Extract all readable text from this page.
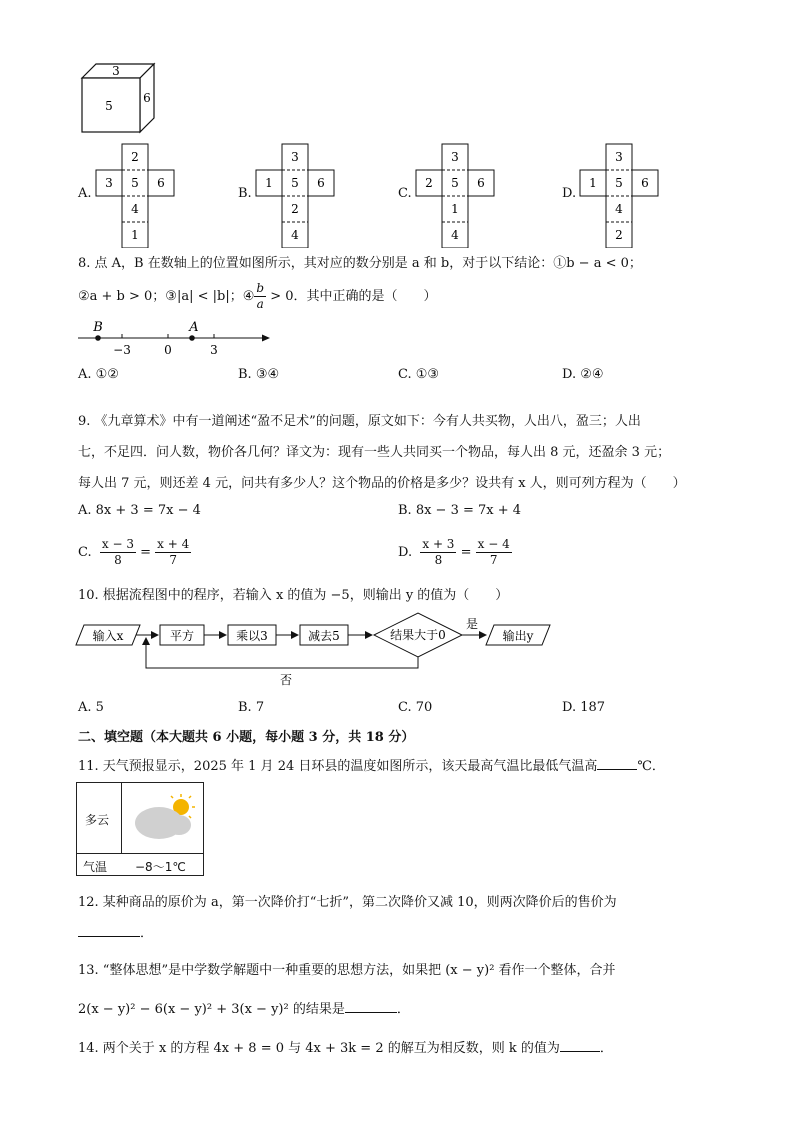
3
5
6
A.
2
5
4
1
3	6
B.
3
5
2
4
1	6
C.
3
5
1
4
2	6
D.
3
5
4
2
1	6
8. 点 A，B 在数轴上的位置如图所示，其对应的数分别是 a 和 b，对于以下结论：①b − a < 0；
②a + b > 0；③|a| < |b|；④ $\frac{b}{a} > 0$．其中正确的是（　　）
B	A
−3	0	3
A. ①②	B. ③④	C. ①③	D. ②④
9. 《九章算术》中有一道阐述“盈不足术”的问题，原文如下：今有人共买物，人出八，盈三；人出
七，不足四．问人数，物价各几何？译文为：现有一些人共同买一个物品，每人出 8 元，还盈余 3 元；
每人出 7 元，则还差 4 元，问共有多少人？这个物品的价格是多少？设共有 x 人，则可列方程为（　　）
A. 8x + 3 = 7x − 4	B. 8x − 3 = 7x + 4
C. $\frac{x - 3}{8} = \frac{x + 4}{7}$	D. $\frac{x + 3}{8} = \frac{x - 4}{7}$
10. 根据流程图中的程序，若输入 x 的值为 −5，则输出 y 的值为（　　）
输入x	平方	乘以3	减去5	结果大于0
是
输出y
否
A. 5	B. 7	C. 70	D. 187
二、填空题（本大题共 6 小题，每小题 3 分，共 18 分）
11. 天气预报显示，2025 年 1 月 24 日环县的温度如图所示，该天最高气温比最低气温高	℃．
多云
气温 −8～1℃
12. 某种商品的原价为 a，第一次降价打“七折”，第二次降价又减 10，则两次降价后的售价为
．
13. “整体思想”是中学数学解题中一种重要的思想方法，如果把 (x − y)² 看作一个整体，合并
2(x − y)² − 6(x − y)² + 3(x − y)² 的结果是	．
14. 两个关于 x 的方程 4x + 8 = 0 与 4x + 3k = 2 的解互为相反数，则 k 的值为	．
